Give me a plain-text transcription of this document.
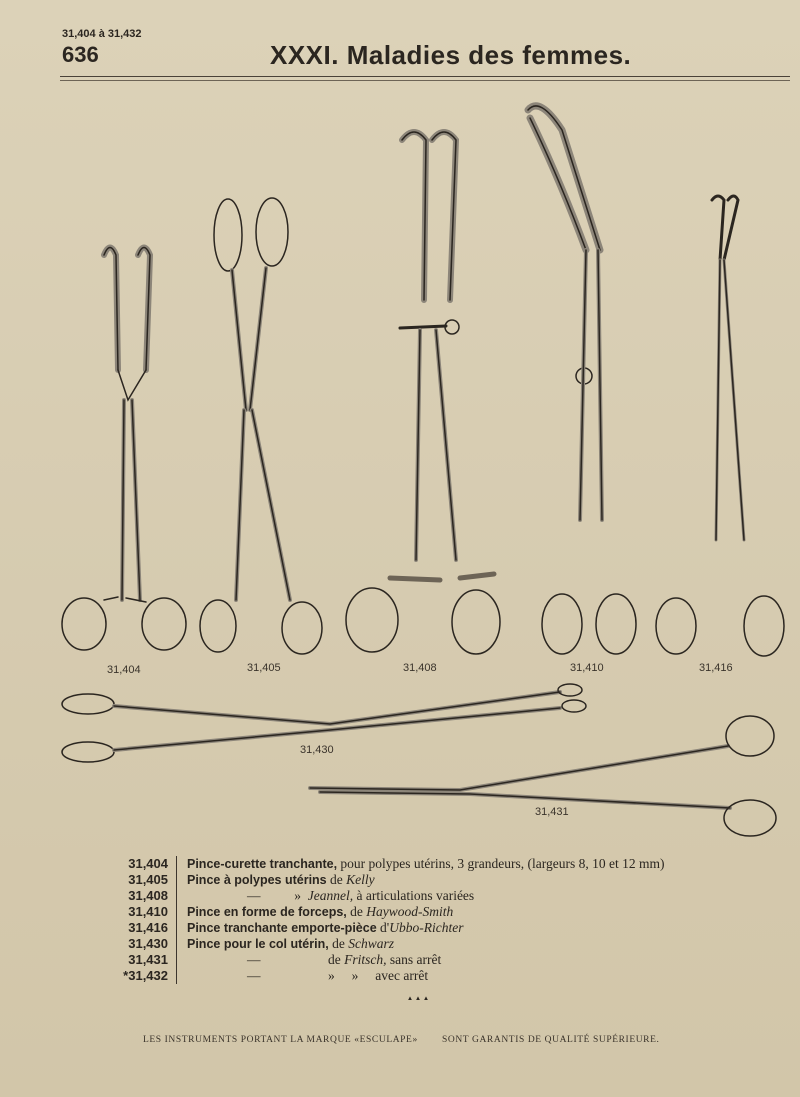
31,404 à 31,432
636	XXXI. Maladies des femmes.
31,404	31,405	31,408	31,410	31,416
31,430
31,431
31,404	Pince-curette tranchante, pour polypes utérins, 3 grandeurs, (largeurs 8, 10 et 12 mm)
31,405	Pince à polypes utérins de Kelly
31,408	—          »  Jeannel, à articulations variées
31,410	Pince en forme de forceps, de Haywood-Smith
31,416	Pince tranchante emporte-pièce d'Ubbo-Richter
31,430	Pince pour le col utérin, de Schwarz
31,431	—                    de Fritsch, sans arrêt
*31,432	—                    »     »     avec arrêt
LES INSTRUMENTS PORTANT LA MARQUE «ESCULAPE»	SONT GARANTIS DE QUALITÉ SUPÉRIEURE.
